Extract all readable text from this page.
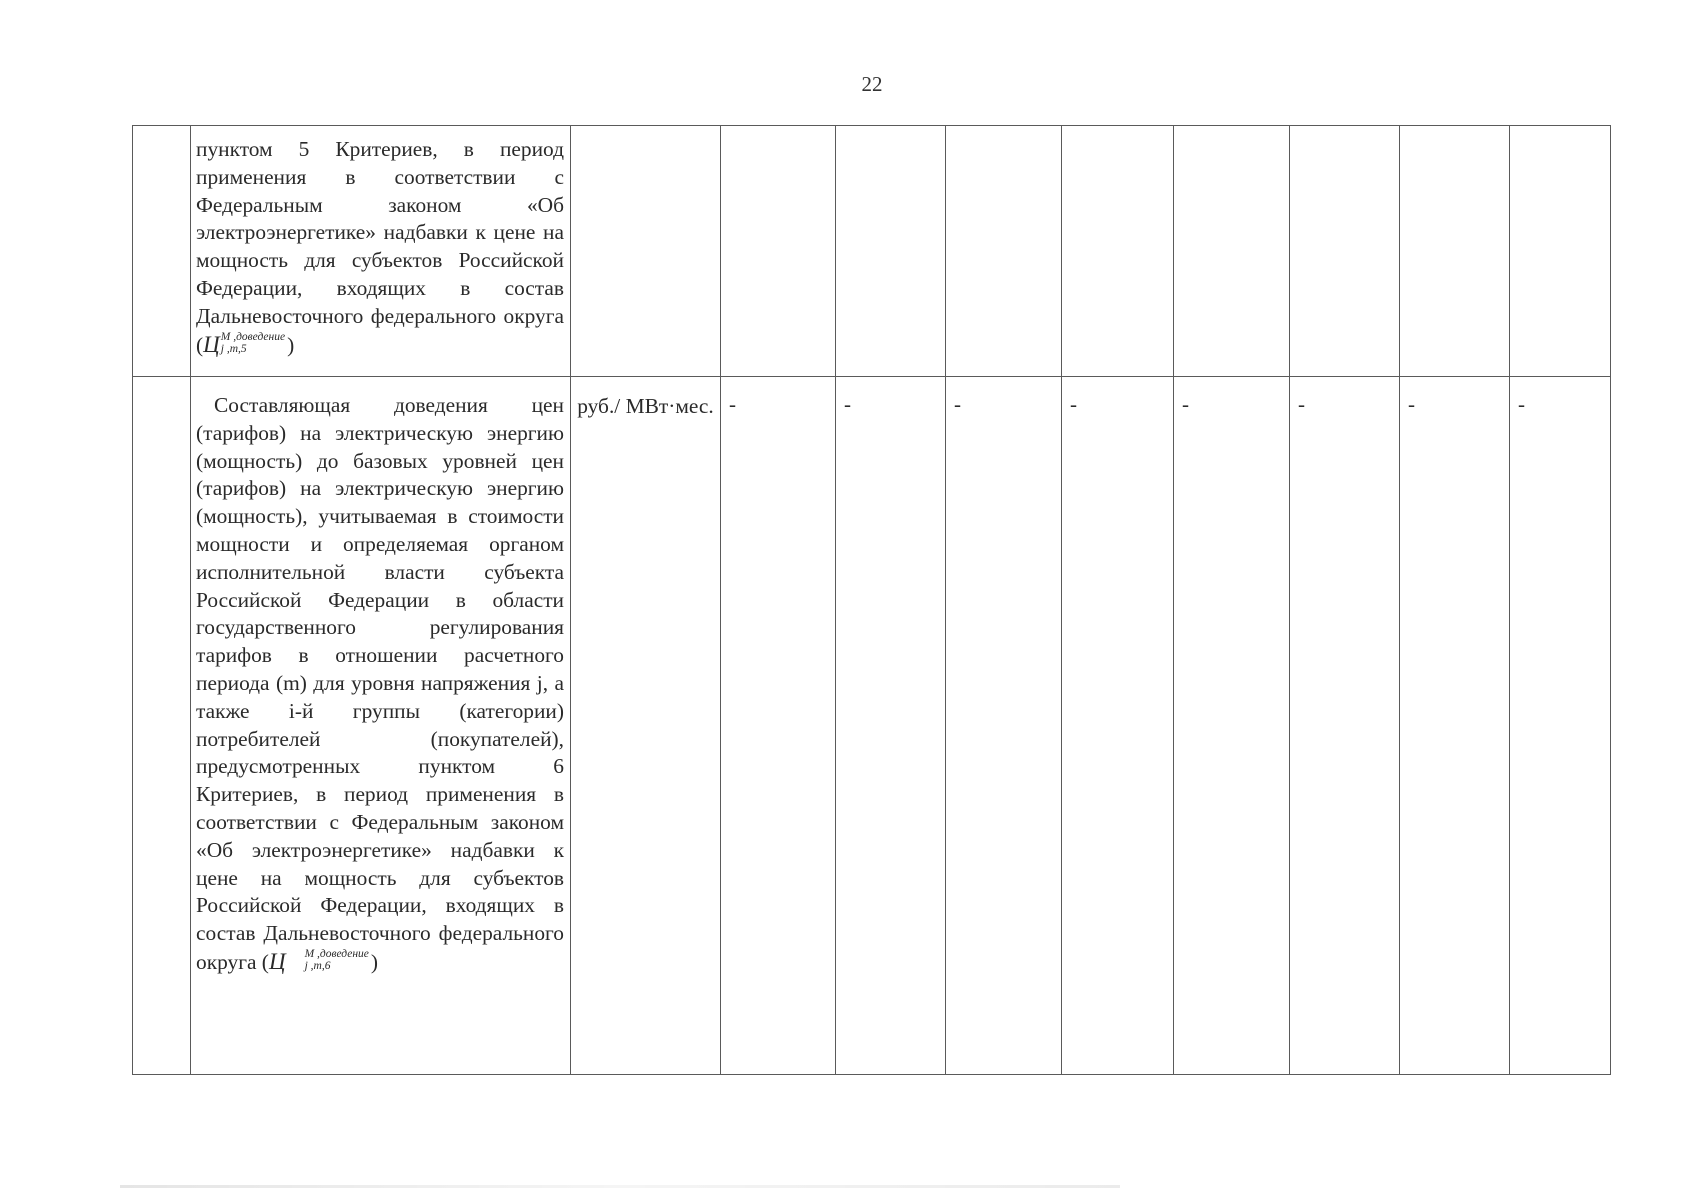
22

	пунктом 5 Критериев, в период применения в соответствии с Федеральным законом «Об электроэнергетике» надбавки к цене на мощность для субъектов Российской Федерации, входящих в состав Дальневосточного федерального округа (Ц M ,доведение
j ,m,5 )									

	Составляющая доведения цен (тарифов) на электрическую энергию (мощность) до базовых уровней цен (тарифов) на электрическую энергию (мощность), учитываемая в стоимости мощности и определяемая органом исполнительной власти субъекта Российской Федерации в области государственного регулирования тарифов в отношении расчетного периода (m) для уровня напряжения j, а также i-й группы (категории) потребителей (покупателей), предусмотренных пунктом 6 Критериев, в период применения в соответствии с Федеральным законом «Об электроэнергетике» надбавки к цене на мощность для субъектов Российской Федерации, входящих в состав Дальневосточного федерального округа (Ц M ,доведение
j ,m,6 )	руб./ МВт·мес.	-	-	-	-	-	-	-	-
